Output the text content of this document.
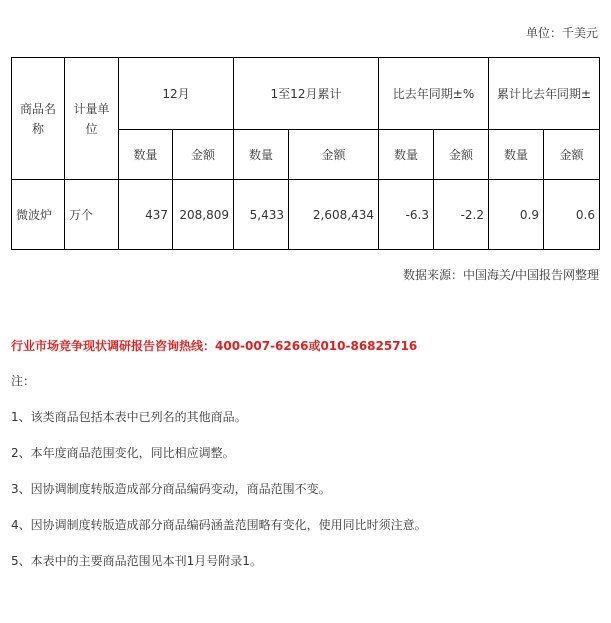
单位：千美元
商品名称	计量单位	12月		1至12月累计		比去年同期±%		累计比去年同期±	
		数量	金额	数量	金额	数量	金额	数量	金额
微波炉	万个	437	208,809	5,433	2,608,434	-6.3	-2.2	0.9	0.6
数据来源：中国海关/中国报告网整理
行业市场竞争现状调研报告咨询热线：400-007-6266或010-86825716
注：
1、该类商品包括本表中已列名的其他商品。
2、本年度商品范围变化，同比相应调整。
3、因协调制度转版造成部分商品编码变动，商品范围不变。
4、因协调制度转版造成部分商品编码涵盖范围略有变化，使用同比时须注意。
5、本表中的主要商品范围见本刊1月号附录1。
